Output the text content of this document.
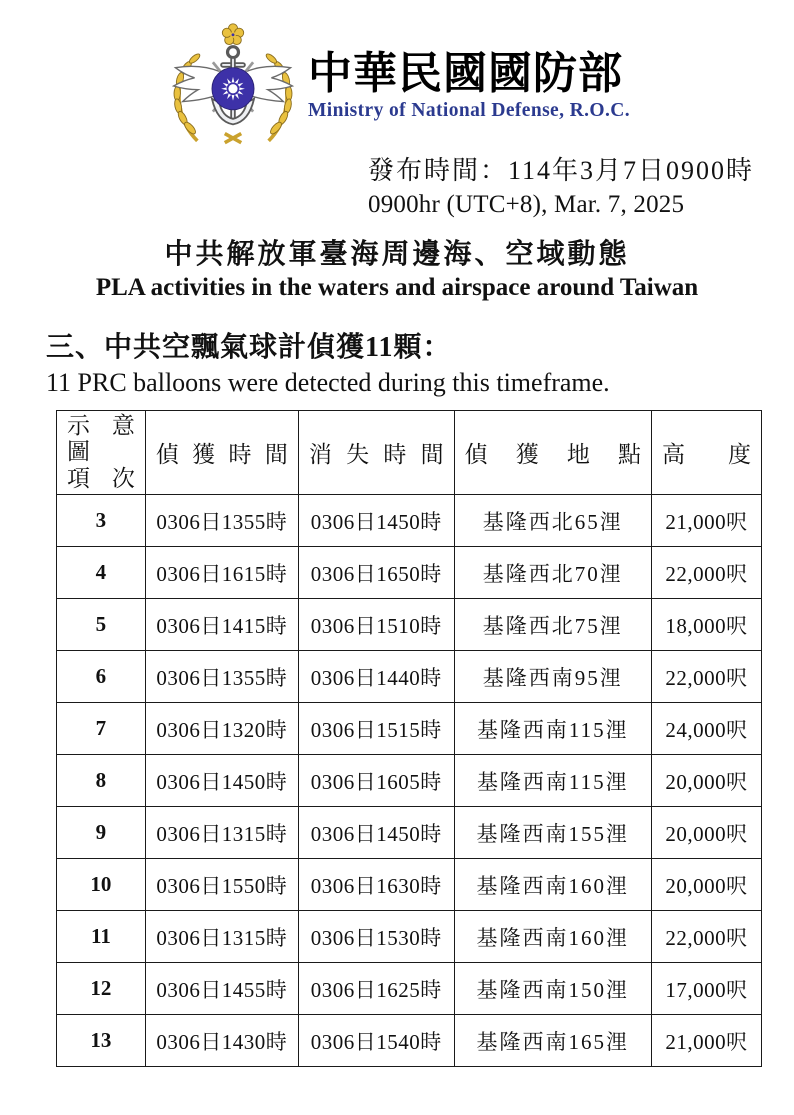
中華民國國防部
Ministry of National Defense, R.O.C.
發布時間：114年3月7日0900時
0900hr (UTC+8), Mar. 7, 2025
中共解放軍臺海周邊海、空域動態
PLA activities in the waters and airspace around Taiwan
三、中共空飄氣球計偵獲11顆：
11 PRC balloons were detected during this timeframe.
示意圖
項次	偵獲時間	消失時間	偵獲地點	高度
3	0306日1355時	0306日1450時	基隆西北65浬	21,000呎
4	0306日1615時	0306日1650時	基隆西北70浬	22,000呎
5	0306日1415時	0306日1510時	基隆西北75浬	18,000呎
6	0306日1355時	0306日1440時	基隆西南95浬	22,000呎
7	0306日1320時	0306日1515時	基隆西南115浬	24,000呎
8	0306日1450時	0306日1605時	基隆西南115浬	20,000呎
9	0306日1315時	0306日1450時	基隆西南155浬	20,000呎
10	0306日1550時	0306日1630時	基隆西南160浬	20,000呎
11	0306日1315時	0306日1530時	基隆西南160浬	22,000呎
12	0306日1455時	0306日1625時	基隆西南150浬	17,000呎
13	0306日1430時	0306日1540時	基隆西南165浬	21,000呎
